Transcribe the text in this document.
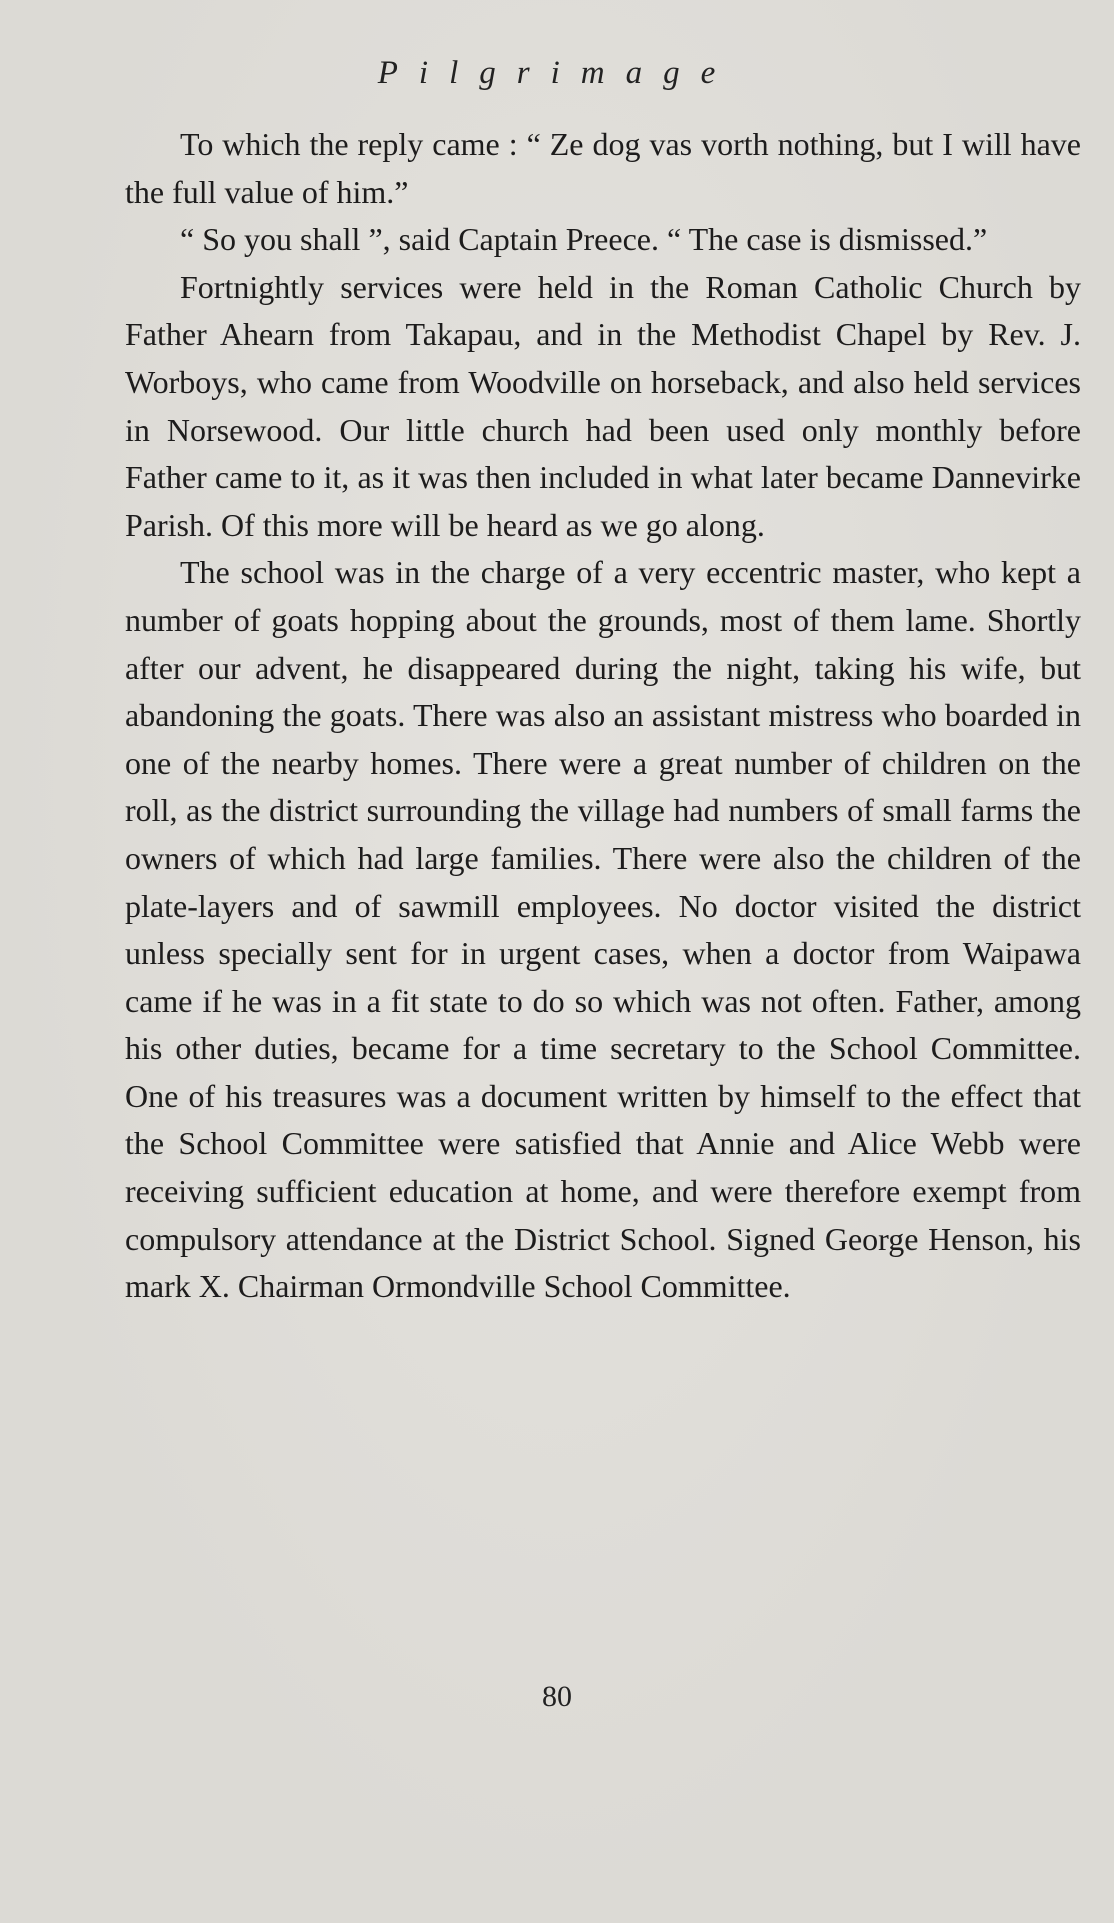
Pilgrimage

To which the reply came : “ Ze dog vas vorth nothing, but I will have the full value of him.”

“ So you shall ”, said Captain Preece. “ The case is dismissed.”

Fortnightly services were held in the Roman Catholic Church by Father Ahearn from Takapau, and in the Methodist Chapel by Rev. J. Worboys, who came from Woodville on horseback, and also held services in Norsewood. Our little church had been used only monthly before Father came to it, as it was then included in what later became Dannevirke Parish. Of this more will be heard as we go along.

The school was in the charge of a very eccentric master, who kept a number of goats hopping about the grounds, most of them lame. Shortly after our advent, he disappeared during the night, taking his wife, but abandoning the goats. There was also an assistant mistress who boarded in one of the nearby homes. There were a great number of children on the roll, as the district surrounding the village had numbers of small farms the owners of which had large families. There were also the children of the plate-layers and of sawmill employees. No doctor visited the district unless specially sent for in urgent cases, when a doctor from Waipawa came if he was in a fit state to do so which was not often. Father, among his other duties, became for a time secretary to the School Committee. One of his treasures was a document written by himself to the effect that the School Committee were satisfied that Annie and Alice Webb were receiving sufficient education at home, and were therefore exempt from compulsory attendance at the District School. Signed George Henson, his mark X. Chairman Ormondville School Committee.

80
